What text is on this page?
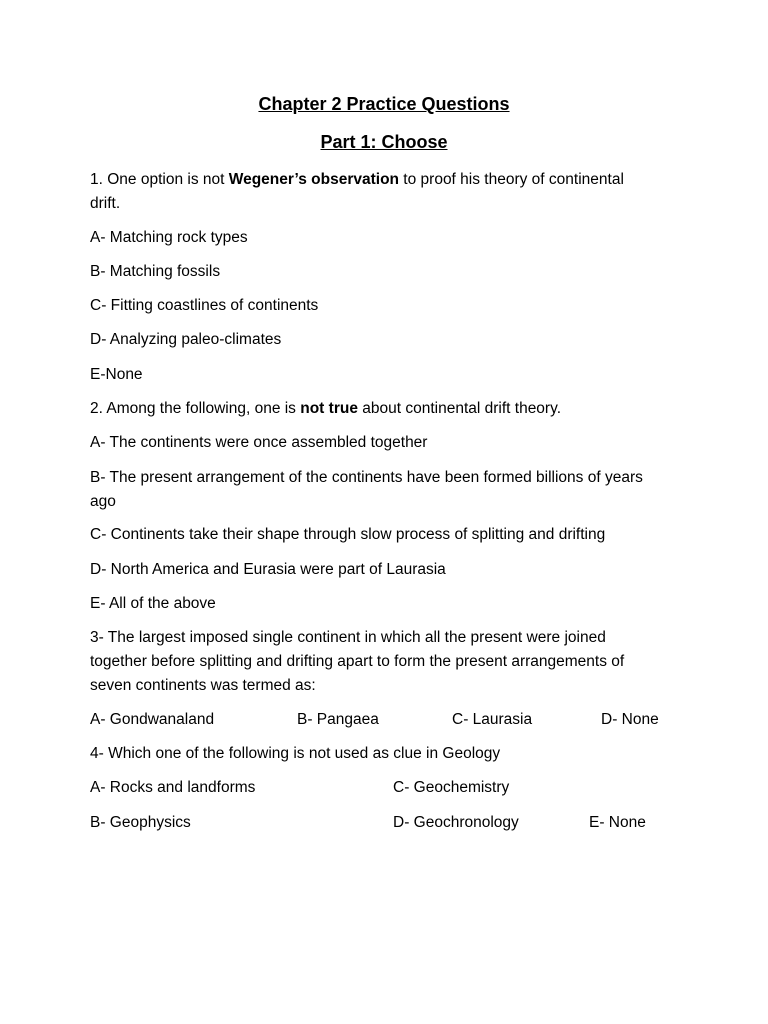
Chapter 2 Practice Questions
Part 1: Choose
1. One option is not Wegener’s observation to proof his theory of continental
drift.
A- Matching rock types
B- Matching fossils
C- Fitting coastlines of continents
D- Analyzing paleo-climates
E-None
2. Among the following, one is not true about continental drift theory.
A- The continents were once assembled together
B- The present arrangement of the continents have been formed billions of years
ago
C- Continents take their shape through slow process of splitting and drifting
D- North America and Eurasia were part of Laurasia
E- All of the above
3- The largest imposed single continent in which all the present were joined
together before splitting and drifting apart to form the present arrangements of
seven continents was termed as:
A- Gondwanaland	B- Pangaea	C- Laurasia	D- None
4- Which one of the following is not used as clue in Geology
A- Rocks and landforms	C- Geochemistry
B- Geophysics	D- Geochronology	E- None
